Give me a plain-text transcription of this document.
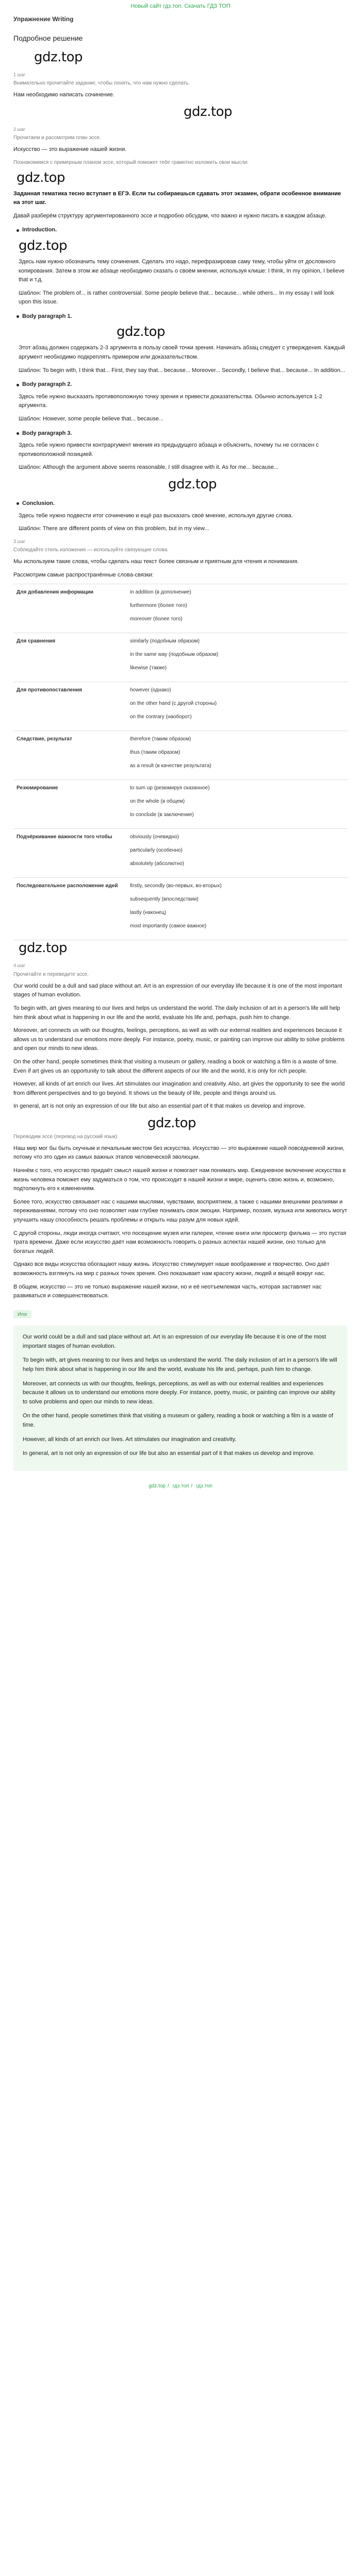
Новый сайт гдз.топ. Скачать ГДЗ ТОП
Упражнение Writing
Подробное решение
gdz.top
1 шаг
Внимательно прочитайте задание, чтобы понять, что нам нужно сделать.

Нам необходимо написать сочинение.

gdz.top
2 шаг
Прочитаем и рассмотрим план эссе.

Искусство — это выражение нашей жизни.

Познакомимся с примерным планом эссе, который поможет тебе грамотно изложить свои мысли:
gdz.top

Заданная тематика тесно вступает в ЕГЭ. Если ты собираешься сдавать этот экзамен, обрати особенное внимание на этот шаг.

Давай разберём структуру аргументированного эссе и подробно обсудим, что важно и нужно писать в каждом абзаце.

Introduction.
gdz.top

Здесь нам нужно обозначить тему сочинения. Сделать это надо, перефразировав саму тему, чтобы уйти от дословного копирования. Затем в этом же абзаце необходимо сказать о своём мнении, используя клише: I think, In my opinion, I believe that и т.д.

Шаблон: The problem of... is rather controversial. Some people believe that... because... while others... In my essay I will look upon this issue.

Body paragraph 1.
gdz.top

Этот абзац должен содержать 2-3 аргумента в пользу своей точки зрения. Начинать абзац следует с утверждения. Каждый аргумент необходимо подкреплять примером или доказательством.

Шаблон: To begin with, I think that... First, they say that... because... Moreover... Secondly, I believe that... because... In addition...

Body paragraph 2.

Здесь тебе нужно высказать противоположную точку зрения и привести доказательства. Обычно используется 1-2 аргумента.

Шаблон: However, some people believe that... because...

Body paragraph 3.

Здесь тебе нужно привести контраргумент мнения из предыдущего абзаца и объяснить, почему ты не согласен с противоположной позицией.

Шаблон: Although the argument above seems reasonable, I still disagree with it. As for me... because...

gdz.top
Conclusion.

Здесь тебе нужно подвести итог сочинению и ещё раз высказать своё мнение, используя другие слова.

Шаблон: There are different points of view on this problem, but in my view...

3 шаг
Соблюдайте стиль изложения — используйте связующие слова.

Мы используем такие слова, чтобы сделать наш текст более связным и приятным для чтения и понимания.

Рассмотрим самые распространённые слова-связки:

Для добавления информации	in addition (в дополнение)
furthermore (более того)
moreover (более того)
Для сравнения	similarly (подобным образом)
in the same way (подобным образом)
likewise (также)
Для противопоставления	however (однако)
on the other hand (с другой стороны)
on the contrary (наоборот)
Следствие, результат	therefore (таким образом)
thus (таким образом)
as a result (в качестве результата)
Резюмирование	to sum up (резюмируя сказанное)
on the whole (в общем)
to conclude (в заключение)
Подчёркивание важности того чтобы	obviously (очевидно)
particularly (особенно)
absolutely (абсолютно)
Последовательное расположение идей	firstly, secondly (во-первых, во-вторых)
subsequently (впоследствии)
lastly (наконец)
most importantly (самое важное)
gdz.top
4 шаг
Прочитайте и переведите эссе.

Our world could be a dull and sad place without art. Art is an expression of our everyday life because it is one of the most important stages of human evolution.

To begin with, art gives meaning to our lives and helps us understand the world. The daily inclusion of art in a person's life will help him think about what is happening in our life and the world, evaluate his life and, perhaps, push him to change.

Moreover, art connects us with our thoughts, feelings, perceptions, as well as with our external realities and experiences because it allows us to understand our emotions more deeply. For instance, poetry, music, or painting can improve our ability to solve problems and open our minds to new ideas.

On the other hand, people sometimes think that visiting a museum or gallery, reading a book or watching a film is a waste of time. Even if art gives us an opportunity to talk about the different aspects of our life and the world, it is only for rich people.

However, all kinds of art enrich our lives. Art stimulates our imagination and creativity. Also, art gives the opportunity to see the world from different perspectives and to go beyond. It shows us the beauty of life, people and things around us.

In general, art is not only an expression of our life but also an essential part of it that makes us develop and improve.

gdz.top
Переводим эссе (перевод на русский язык):

Наш мир мог бы быть скучным и печальным местом без искусства. Искусство — это выражение нашей повседневной жизни, потому что это один из самых важных этапов человеческой эволюции.

Начнём с того, что искусство придаёт смысл нашей жизни и помогает нам понимать мир. Ежедневное включение искусства в жизнь человека поможет ему задуматься о том, что происходит в нашей жизни и мире, оценить свою жизнь и, возможно, подтолкнуть его к изменениям.

Более того, искусство связывает нас с нашими мыслями, чувствами, восприятием, а также с нашими внешними реалиями и переживаниями, потому что оно позволяет нам глубже понимать свои эмоции. Например, поэзия, музыка или живопись могут улучшить нашу способность решать проблемы и открыть наш разум для новых идей.

С другой стороны, люди иногда считают, что посещение музея или галереи, чтение книги или просмотр фильма — это пустая трата времени. Даже если искусство даёт нам возможность говорить о разных аспектах нашей жизни, оно только для богатых людей.

Однако все виды искусства обогащают нашу жизнь. Искусство стимулирует наше воображение и творчество. Оно даёт возможность взглянуть на мир с разных точек зрения. Оно показывает нам красоту жизни, людей и вещей вокруг нас.

В общем, искусство — это не только выражение нашей жизни, но и её неотъемлемая часть, которая заставляет нас развиваться и совершенствоваться.

Итог

Our world could be a dull and sad place without art. Art is an expression of our everyday life because it is one of the most important stages of human evolution.

To begin with, art gives meaning to our lives and helps us understand the world. The daily inclusion of art in a person's life will help him think about what is happening in our life and the world, evaluate his life and, perhaps, push him to change.

Moreover, art connects us with our thoughts, feelings, perceptions, as well as with our external realities and experiences because it allows us to understand our emotions more deeply. For instance, poetry, music, or painting can improve our ability to solve problems and open our minds to new ideas.

On the other hand, people sometimes think that visiting a museum or gallery, reading a book or watching a film is a waste of time.

However, all kinds of art enrich our lives. Art stimulates our imagination and creativity.

In general, art is not only an expression of our life but also an essential part of it that makes us develop and improve.

gdz.top / гдз.топ / гдз.топ
